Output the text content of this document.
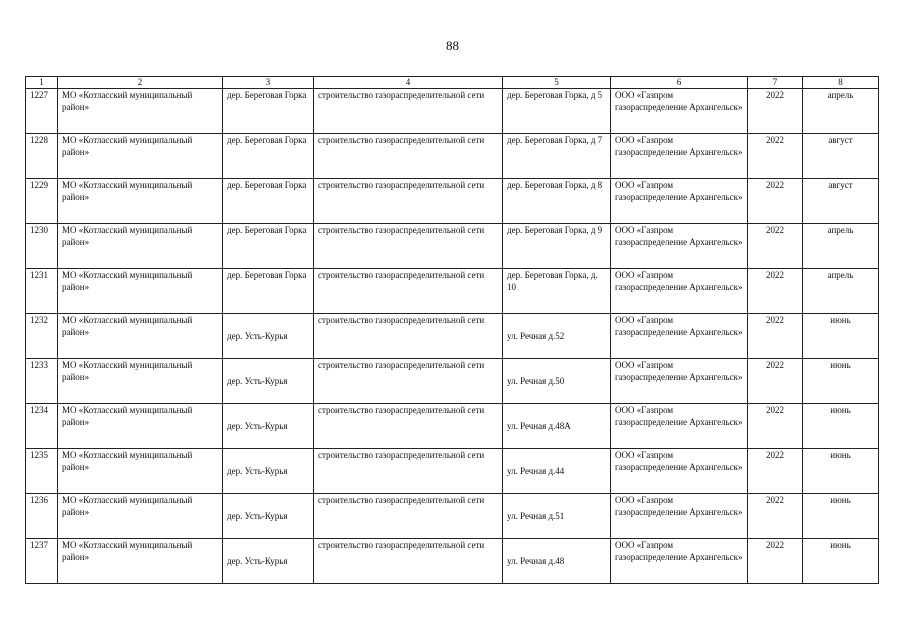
88
1	2	3	4	5	6	7	8
1227	МО «Котласский муниципальный район»	дер. Береговая Горка	строительство газораспределительной сети	дер. Береговая Горка, д 5	ООО «Газпром газораспределение Архангельск»	2022	апрель
1228	МО «Котласский муниципальный район»	дер. Береговая Горка	строительство газораспределительной сети	дер. Береговая Горка, д 7	ООО «Газпром газораспределение Архангельск»	2022	август
1229	МО «Котласский муниципальный район»	дер. Береговая Горка	строительство газораспределительной сети	дер. Береговая Горка, д 8	ООО «Газпром газораспределение Архангельск»	2022	август
1230	МО «Котласский муниципальный район»	дер. Береговая Горка	строительство газораспределительной сети	дер. Береговая Горка, д 9	ООО «Газпром газораспределение Архангельск»	2022	апрель
1231	МО «Котласский муниципальный район»	дер. Береговая Горка	строительство газораспределительной сети	дер. Береговая Горка, д. 10	ООО «Газпром газораспределение Архангельск»	2022	апрель
1232	МО «Котласский муниципальный район»	дер. Усть-Курья	строительство газораспределительной сети	ул. Речная д.52	ООО «Газпром газораспределение Архангельск»	2022	июнь
1233	МО «Котласский муниципальный район»	дер. Усть-Курья	строительство газораспределительной сети	ул. Речная д.50	ООО «Газпром газораспределение Архангельск»	2022	июнь
1234	МО «Котласский муниципальный район»	дер. Усть-Курья	строительство газораспределительной сети	ул. Речная д.48А	ООО «Газпром газораспределение Архангельск»	2022	июнь
1235	МО «Котласский муниципальный район»	дер. Усть-Курья	строительство газораспределительной сети	ул. Речная д.44	ООО «Газпром газораспределение Архангельск»	2022	июнь
1236	МО «Котласский муниципальный район»	дер. Усть-Курья	строительство газораспределительной сети	ул. Речная д.51	ООО «Газпром газораспределение Архангельск»	2022	июнь
1237	МО «Котласский муниципальный район»	дер. Усть-Курья	строительство газораспределительной сети	ул. Речная д.48	ООО «Газпром газораспределение Архангельск»	2022	июнь
